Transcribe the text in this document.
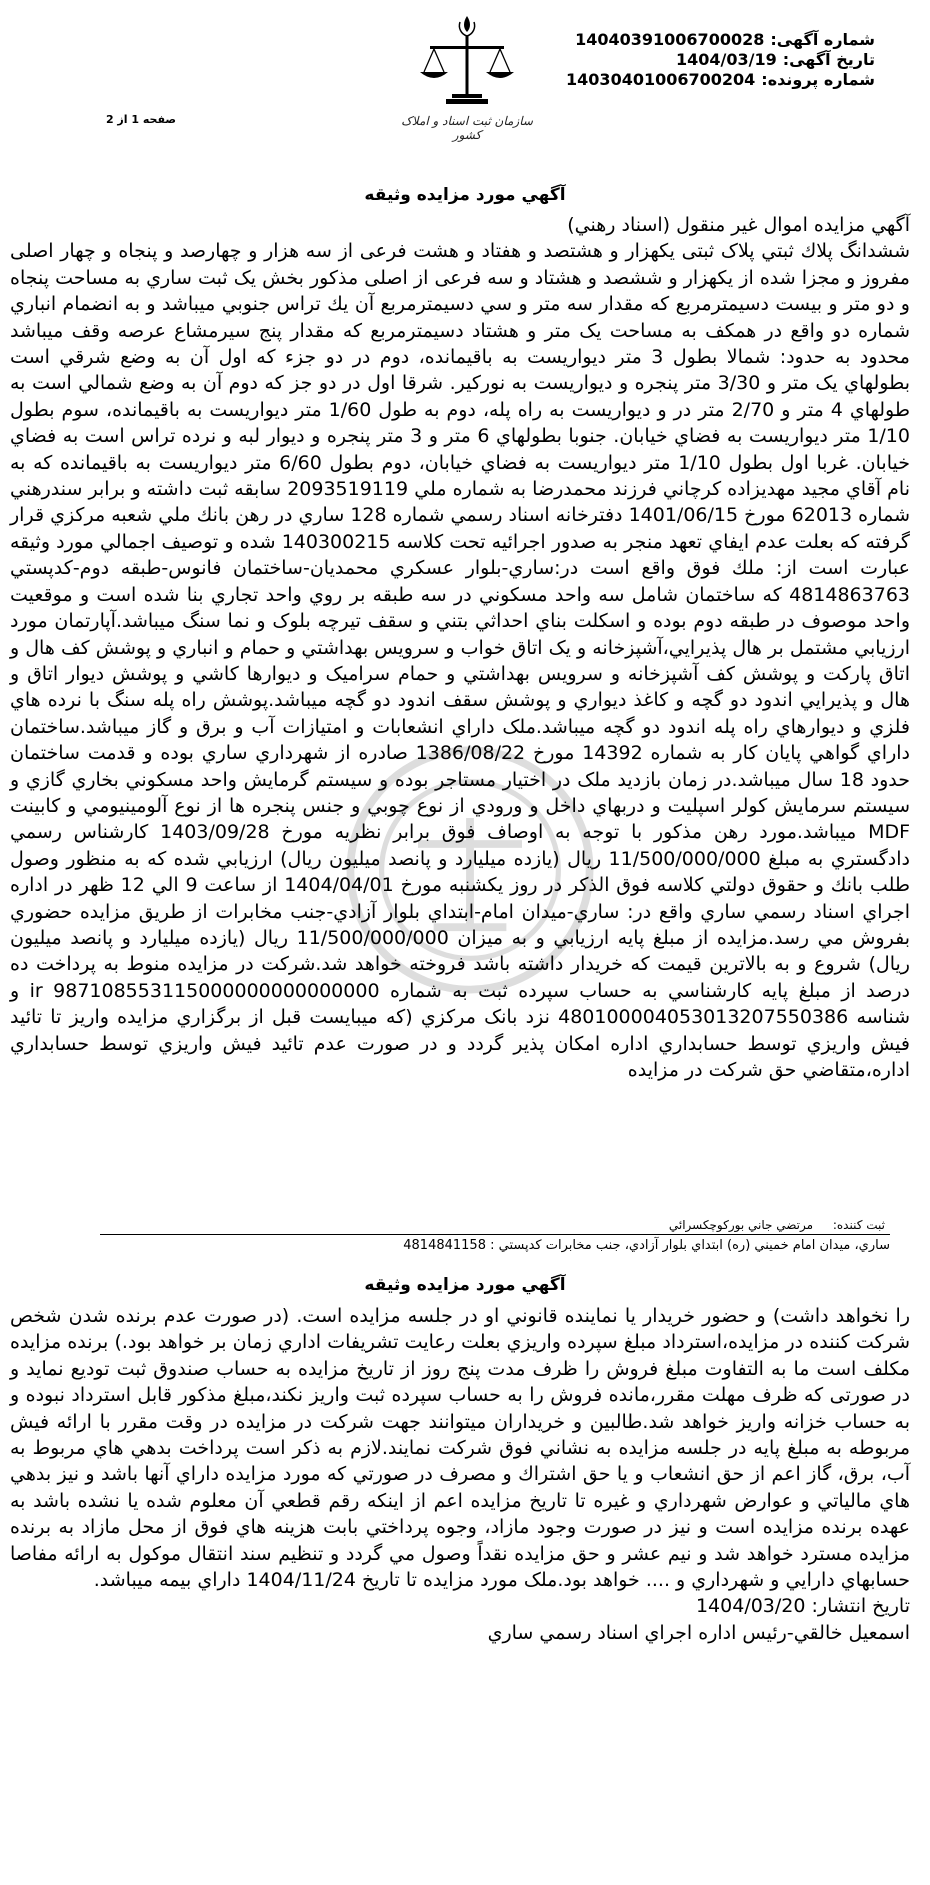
شماره آگهی:14040391006700028
تاریخ آگهی:1404/03/19
شماره پرونده:14030401006700204
سازمان ثبت اسناد و املاک کشور
صفحه 1 از 2
آگهي مورد مزايده وثيقه

آگهي مزايده اموال غير منقول (اسناد رهني)

ششدانگ پلاك ثبتي پلاک ثبتی يكهزار و هشتصد و هفتاد و هشت فرعی از سه هزار و چهارصد و پنجاه و چهار اصلی مفروز و مجزا شده از يكهزار و ششصد و هشتاد و سه فرعی از اصلی مذكور بخش يک ثبت ساري به مساحت پنجاه و دو متر و بيست دسيمترمربع كه مقدار سه متر و سي دسيمترمربع آن يك تراس جنوبي ميباشد و به انضمام انباري شماره دو واقع در همكف به مساحت يک متر و هشتاد دسيمترمربع كه مقدار پنج سيرمشاع عرصه وقف ميباشد محدود به حدود: شمالا بطول 3 متر ديواريست به باقيمانده، دوم در دو جزء كه اول آن به وضع شرقي است بطولهاي يک متر و 3/30 متر پنجره و ديواريست به نوركير. شرقا اول در دو جز كه دوم آن به وضع شمالي است به طولهاي 4 متر و 2/70 متر در و ديواريست به راه پله، دوم به طول 1/60 متر ديواريست به باقيمانده، سوم بطول 1/10 متر ديواريست به فضاي خيابان. جنوبا بطولهاي 6 متر و 3 متر پنجره و ديوار لبه و نرده تراس است به فضاي خيابان. غربا اول بطول 1/10 متر ديواريست به فضاي خيابان، دوم بطول 6/60 متر ديواريست به باقيمانده كه به نام آقاي مجيد مهديزاده كرچاني فرزند محمدرضا به شماره ملي 2093519119 سابقه ثبت داشته و برابر سندرهني شماره 62013 مورخ 1401/06/15 دفترخانه اسناد رسمي شماره 128 ساري در رهن بانك ملي شعبه مركزي قرار گرفته كه بعلت عدم ايفاي تعهد منجر به صدور اجرائيه تحت كلاسه 140300215 شده و توصيف اجمالي مورد وثيقه عبارت است از: ملك فوق واقع است در:ساري-بلوار عسكري محمديان-ساختمان فانوس-طبقه دوم-كدپستي 4814863763 كه ساختمان شامل سه واحد مسكوني در سه طبقه بر روي واحد تجاري بنا شده است و موقعيت واحد موصوف در طبقه دوم بوده و اسكلت بناي احداثي بتني و سقف تيرچه بلوک و نما سنگ ميباشد.آپارتمان مورد ارزيابي مشتمل بر هال پذيرايي،آشپزخانه و يک اتاق خواب و سرويس بهداشتي و حمام و انباري و پوشش كف هال و اتاق پاركت و پوشش كف آشپزخانه و سرويس بهداشتي و حمام سراميک و ديوارها كاشي و پوشش ديوار اتاق و هال و پذيرايي اندود دو گچه و كاغذ ديواري و پوشش سقف اندود دو گچه ميباشد.پوشش راه پله سنگ با نرده هاي فلزي و ديوارهاي راه پله اندود دو گچه ميباشد.ملک داراي انشعابات و امتيازات آب و برق و گاز ميباشد.ساختمان داراي گواهي پايان كار به شماره 14392 مورخ 1386/08/22 صادره از شهرداري ساري بوده و قدمت ساختمان حدود 18 سال ميباشد.در زمان بازديد ملک در اختيار مستاجر بوده و سيستم گرمايش واحد مسكوني بخاري گازي و سيستم سرمايش كولر اسپليت و دربهاي داخل و ورودي از نوع چوبي و جنس پنجره ها از نوع آلومينيومي و كابينت MDF ميباشد.مورد رهن مذكور با توجه به اوصاف فوق برابر نظريه مورخ 1403/09/28 كارشناس رسمي دادگستري به مبلغ 11/500/000/000 ريال (يازده ميليارد و پانصد ميليون ريال) ارزيابي شده كه به منظور وصول طلب بانك و حقوق دولتي كلاسه فوق الذكر در روز يكشنبه مورخ 1404/04/01 از ساعت 9 الي 12 ظهر در اداره اجراي اسناد رسمي ساري واقع در: ساري-ميدان امام-ابتداي بلوار آزادي-جنب مخابرات از طريق مزايده حضوري بفروش مي رسد.مزايده از مبلغ پايه ارزيابي و به ميزان 11/500/000/000 ريال (يازده ميليارد و پانصد ميليون ريال) شروع و به بالاترين قيمت كه خريدار داشته باشد فروخته خواهد شد.شركت در مزايده منوط به پرداخت ده درصد از مبلغ پايه كارشناسي به حساب سپرده ثبت به شماره ir 987108553115000000000000000 و شناسه 480100004053013207550386 نزد بانک مركزي (كه ميبايست قبل از برگزاري مزايده واريز تا تائيد فيش واريزي توسط حسابداري اداره امكان پذير گردد و در صورت عدم تائيد فيش واريزي توسط حسابداري اداره،متقاضي حق شركت در مزايده

ثبت کننده: مرتضي جاني بوركوچكسرائي
ساري، ميدان امام خميني (ره) ابتداي بلوار آزادي، جنب مخابرات كدپستي : 4814841158
آگهي مورد مزايده وثيقه

را نخواهد داشت) و حضور خريدار يا نماينده قانوني او در جلسه مزايده است. (در صورت عدم برنده شدن شخص شركت كننده در مزايده،استرداد مبلغ سپرده واريزي بعلت رعايت تشريفات اداري زمان بر خواهد بود.) برنده مزايده مكلف است ما به التفاوت مبلغ فروش را ظرف مدت پنج روز از تاريخ مزايده به حساب صندوق ثبت توديع نمايد و در صورتی كه ظرف مهلت مقرر،مانده فروش را به حساب سپرده ثبت واريز نكند،مبلغ مذكور قابل استرداد نبوده و به حساب خزانه واريز خواهد شد.طالبين و خريداران ميتوانند جهت شركت در مزايده در وقت مقرر با ارائه فيش مربوطه به مبلغ پايه در جلسه مزايده به نشاني فوق شركت نمايند.لازم به ذكر است پرداخت بدهي هاي مربوط به آب، برق، گاز اعم از حق انشعاب و يا حق اشتراك و مصرف در صورتي كه مورد مزايده داراي آنها باشد و نيز بدهي هاي مالياتي و عوارض شهرداري و غيره تا تاريخ مزايده اعم از اينكه رقم قطعي آن معلوم شده يا نشده باشد به عهده برنده مزايده است و نيز در صورت وجود مازاد، وجوه پرداختي بابت هزينه هاي فوق از محل مازاد به برنده مزايده مسترد خواهد شد و نيم عشر و حق مزايده نقداً وصول مي گردد و تنظيم سند انتقال موكول به ارائه مفاصا حسابهاي دارايي و شهرداري و .... خواهد بود.ملک مورد مزايده تا تاريخ 1404/11/24 داراي بيمه ميباشد.

تاريخ انتشار: 1404/03/20

اسمعيل خالقي-رئيس اداره اجراي اسناد رسمي ساري
